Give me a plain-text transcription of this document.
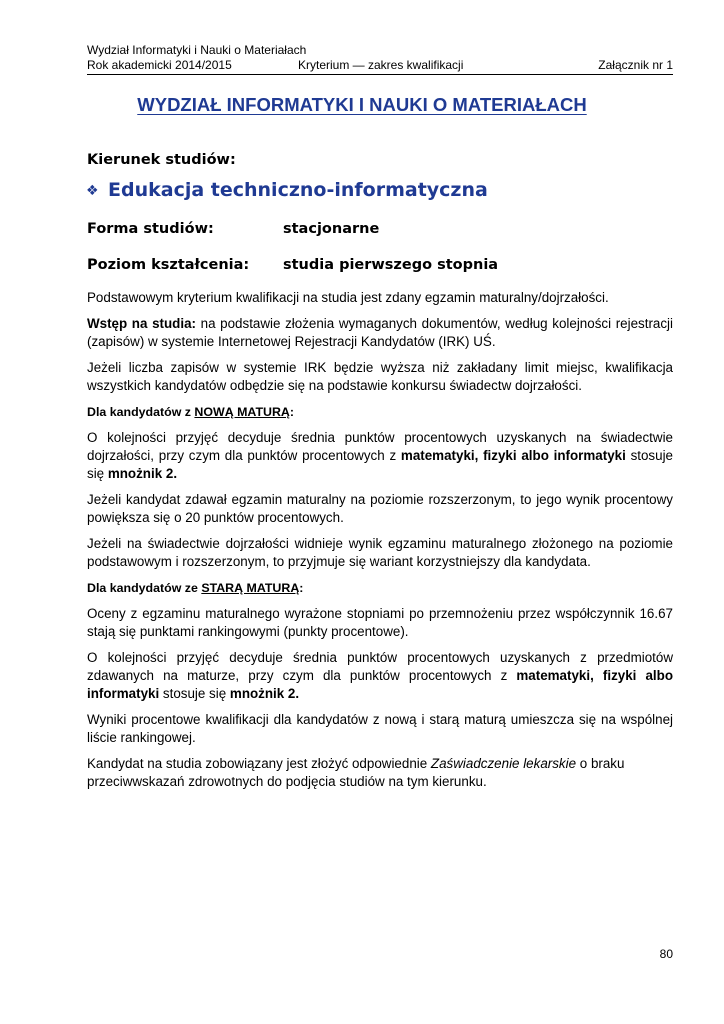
Wydział Informatyki i Nauki o Materiałach
Rok akademicki 2014/2015	Kryterium — zakres kwalifikacji	Załącznik nr 1
WYDZIAŁ INFORMATYKI I NAUKI O MATERIAŁACH
Kierunek studiów:
❖ Edukacja techniczno-informatyczna
Forma studiów:	stacjonarne
Poziom kształcenia: studia pierwszego stopnia

Podstawowym kryterium kwalifikacji na studia jest zdany egzamin maturalny/dojrzałości.

Wstęp na studia: na podstawie złożenia wymaganych dokumentów, według kolejności rejestracji (zapisów) w systemie Internetowej Rejestracji Kandydatów (IRK) UŚ.

Jeżeli liczba zapisów w systemie IRK będzie wyższa niż zakładany limit miejsc, kwalifikacja wszystkich kandydatów odbędzie się na podstawie konkursu świadectw dojrzałości.

Dla kandydatów z NOWĄ MATURĄ:

O kolejności przyjęć decyduje średnia punktów procentowych uzyskanych na świadectwie dojrzałości, przy czym dla punktów procentowych z matematyki, fizyki albo informatyki stosuje się mnożnik 2.

Jeżeli kandydat zdawał egzamin maturalny na poziomie rozszerzonym, to jego wynik procentowy powiększa się o 20 punktów procentowych.

Jeżeli na świadectwie dojrzałości widnieje wynik egzaminu maturalnego złożonego na poziomie podstawowym i rozszerzonym, to przyjmuje się wariant korzystniejszy dla kandydata.

Dla kandydatów ze STARĄ MATURĄ:

Oceny z egzaminu maturalnego wyrażone stopniami po przemnożeniu przez współczynnik 16.67 stają się punktami rankingowymi (punkty procentowe).

O kolejności przyjęć decyduje średnia punktów procentowych uzyskanych z przedmiotów zdawanych na maturze, przy czym dla punktów procentowych z matematyki, fizyki albo informatyki stosuje się mnożnik 2.

Wyniki procentowe kwalifikacji dla kandydatów z nową i starą maturą umieszcza się na wspólnej liście rankingowej.

Kandydat na studia zobowiązany jest złożyć odpowiednie Zaświadczenie lekarskie o braku przeciwwskazań zdrowotnych do podjęcia studiów na tym kierunku.

80
